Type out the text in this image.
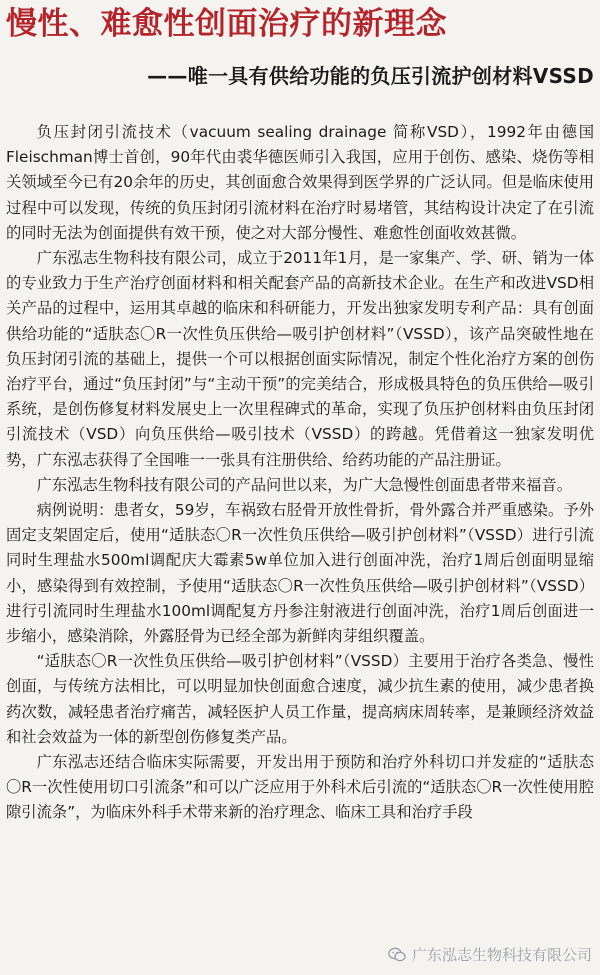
慢性、难愈性创面治疗的新理念
——唯一具有供给功能的负压引流护创材料VSSD

负压封闭引流技术（vacuum sealing drainage 简称VSD），1992年由德国Fleischman博士首创，90年代由裘华德医师引入我国，应用于创伤、感染、烧伤等相关领域至今已有20余年的历史，其创面愈合效果得到医学界的广泛认同。但是临床使用过程中可以发现，传统的负压封闭引流材料在治疗时易堵管，其结构设计决定了在引流的同时无法为创面提供有效干预，使之对大部分慢性、难愈性创面收效甚微。

广东泓志生物科技有限公司，成立于2011年1月，是一家集产、学、研、销为一体的专业致力于生产治疗创面材料和相关配套产品的高新技术企业。在生产和改进VSD相关产品的过程中，运用其卓越的临床和科研能力，开发出独家发明专利产品：具有创面供给功能的“适肤态〇R一次性负压供给—吸引护创材料”（VSSD），该产品突破性地在负压封闭引流的基础上，提供一个可以根据创面实际情况，制定个性化治疗方案的创伤治疗平台，通过“负压封闭”与“主动干预”的完美结合，形成极具特色的负压供给—吸引系统，是创伤修复材料发展史上一次里程碑式的革命，实现了负压护创材料由负压封闭引流技术（VSD）向负压供给—吸引技术（VSSD）的跨越。凭借着这一独家发明优势，广东泓志获得了全国唯一一张具有注册供给、给药功能的产品注册证。

广东泓志生物科技有限公司的产品问世以来，为广大急慢性创面患者带来福音。

病例说明：患者女，59岁，车祸致右胫骨开放性骨折，骨外露合并严重感染。予外固定支架固定后，使用“适肤态〇R一次性负压供给—吸引护创材料”（VSSD）进行引流同时生理盐水500ml调配庆大霉素5w单位加入进行创面冲洗，治疗1周后创面明显缩小，感染得到有效控制，予使用“适肤态〇R一次性负压供给—吸引护创材料”（VSSD）进行引流同时生理盐水100ml调配复方丹参注射液进行创面冲洗，治疗1周后创面进一步缩小，感染消除，外露胫骨为已经全部为新鲜肉芽组织覆盖。

“适肤态〇R一次性负压供给—吸引护创材料”（VSSD）主要用于治疗各类急、慢性创面，与传统方法相比，可以明显加快创面愈合速度，减少抗生素的使用，减少患者换药次数，减轻患者治疗痛苦，减轻医护人员工作量，提高病床周转率，是兼顾经济效益和社会效益为一体的新型创伤修复类产品。

广东泓志还结合临床实际需要，开发出用于预防和治疗外科切口并发症的“适肤态〇R一次性使用切口引流条”和可以广泛应用于外科术后引流的“适肤态〇R一次性使用腔隙引流条”，为临床外科手术带来新的治疗理念、临床工具和治疗手段

广东泓志生物科技有限公司
